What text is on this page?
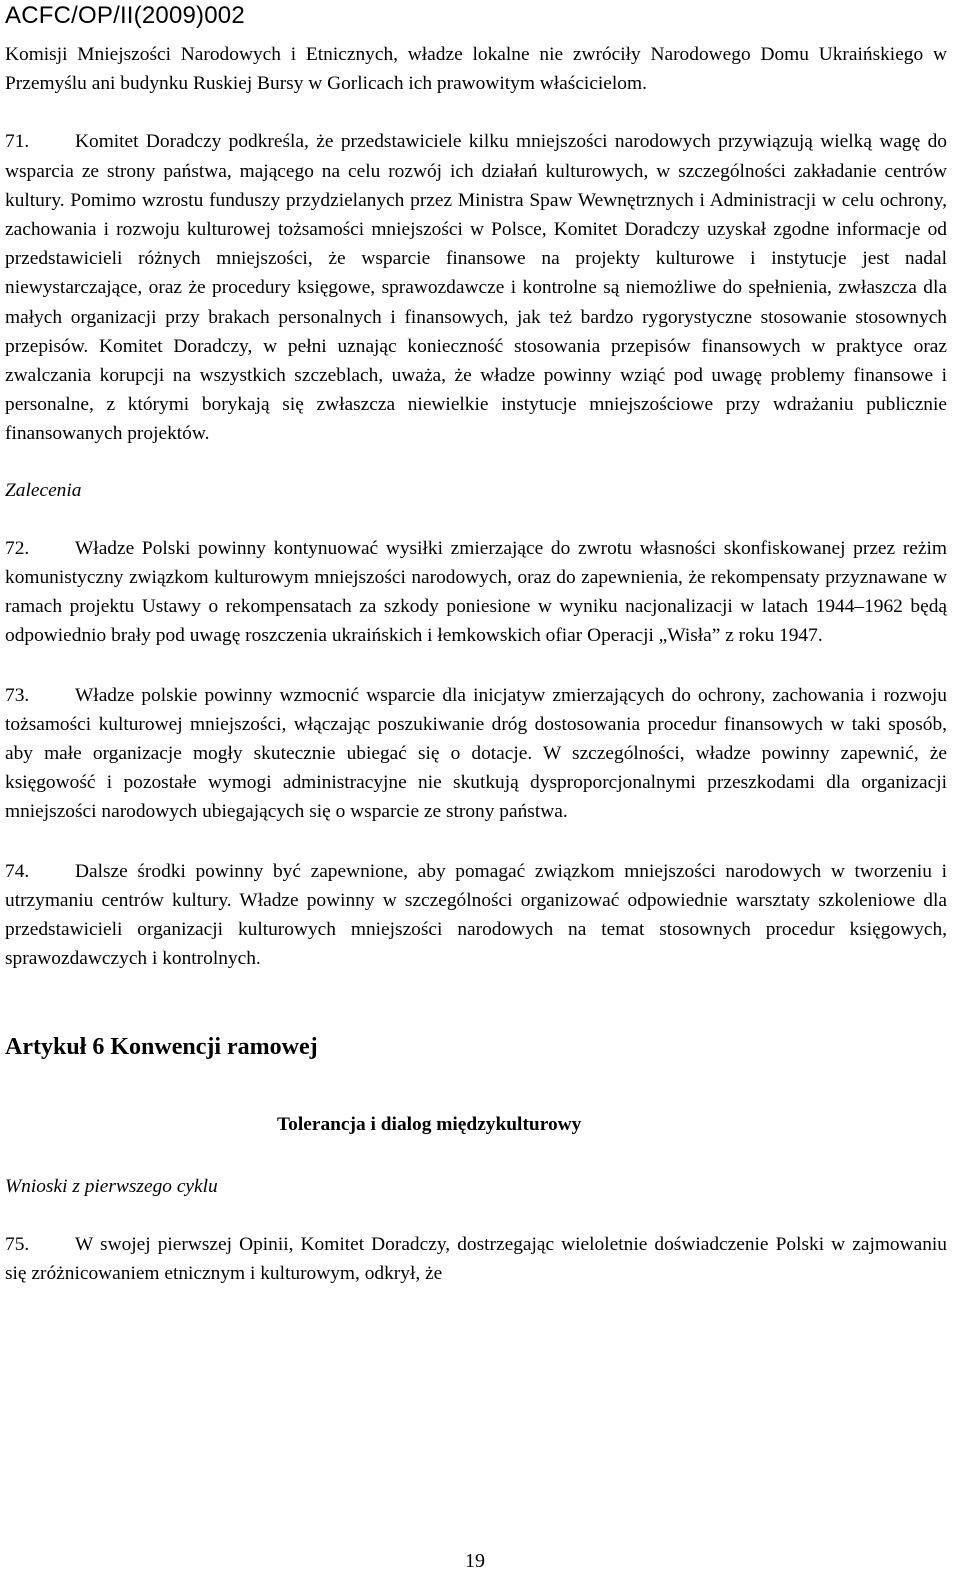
ACFC/OP/II(2009)002

Komisji Mniejszości Narodowych i Etnicznych, władze lokalne nie zwróciły Narodowego Domu Ukraińskiego w Przemyślu ani budynku Ruskiej Bursy w Gorlicach ich prawowitym właścicielom.

71. Komitet Doradczy podkreśla, że przedstawiciele kilku mniejszości narodowych przywiązują wielką wagę do wsparcia ze strony państwa, mającego na celu rozwój ich działań kulturowych, w szczególności zakładanie centrów kultury. Pomimo wzrostu funduszy przydzielanych przez Ministra Spaw Wewnętrznych i Administracji w celu ochrony, zachowania i rozwoju kulturowej tożsamości mniejszości w Polsce, Komitet Doradczy uzyskał zgodne informacje od przedstawicieli różnych mniejszości, że wsparcie finansowe na projekty kulturowe i instytucje jest nadal niewystarczające, oraz że procedury księgowe, sprawozdawcze i kontrolne są niemożliwe do spełnienia, zwłaszcza dla małych organizacji przy brakach personalnych i finansowych, jak też bardzo rygorystyczne stosowanie stosownych przepisów. Komitet Doradczy, w pełni uznając konieczność stosowania przepisów finansowych w praktyce oraz zwalczania korupcji na wszystkich szczeblach, uważa, że władze powinny wziąć pod uwagę problemy finansowe i personalne, z którymi borykają się zwłaszcza niewielkie instytucje mniejszościowe przy wdrażaniu publicznie finansowanych projektów.

Zalecenia

72. Władze Polski powinny kontynuować wysiłki zmierzające do zwrotu własności skonfiskowanej przez reżim komunistyczny związkom kulturowym mniejszości narodowych, oraz do zapewnienia, że rekompensaty przyznawane w ramach projektu Ustawy o rekompensatach za szkody poniesione w wyniku nacjonalizacji w latach 1944–1962 będą odpowiednio brały pod uwagę roszczenia ukraińskich i łemkowskich ofiar Operacji „Wisła” z roku 1947.

73. Władze polskie powinny wzmocnić wsparcie dla inicjatyw zmierzających do ochrony, zachowania i rozwoju tożsamości kulturowej mniejszości, włączając poszukiwanie dróg dostosowania procedur finansowych w taki sposób, aby małe organizacje mogły skutecznie ubiegać się o dotacje. W szczególności, władze powinny zapewnić, że księgowość i pozostałe wymogi administracyjne nie skutkują dysproporcjonalnymi przeszkodami dla organizacji mniejszości narodowych ubiegających się o wsparcie ze strony państwa.

74. Dalsze środki powinny być zapewnione, aby pomagać związkom mniejszości narodowych w tworzeniu i utrzymaniu centrów kultury. Władze powinny w szczególności organizować odpowiednie warsztaty szkoleniowe dla przedstawicieli organizacji kulturowych mniejszości narodowych na temat stosownych procedur księgowych, sprawozdawczych i kontrolnych.

Artykuł 6 Konwencji ramowej

Tolerancja i dialog międzykulturowy

Wnioski z pierwszego cyklu

75. W swojej pierwszej Opinii, Komitet Doradczy, dostrzegając wieloletnie doświadczenie Polski w zajmowaniu się zróżnicowaniem etnicznym i kulturowym, odkrył, że

19
